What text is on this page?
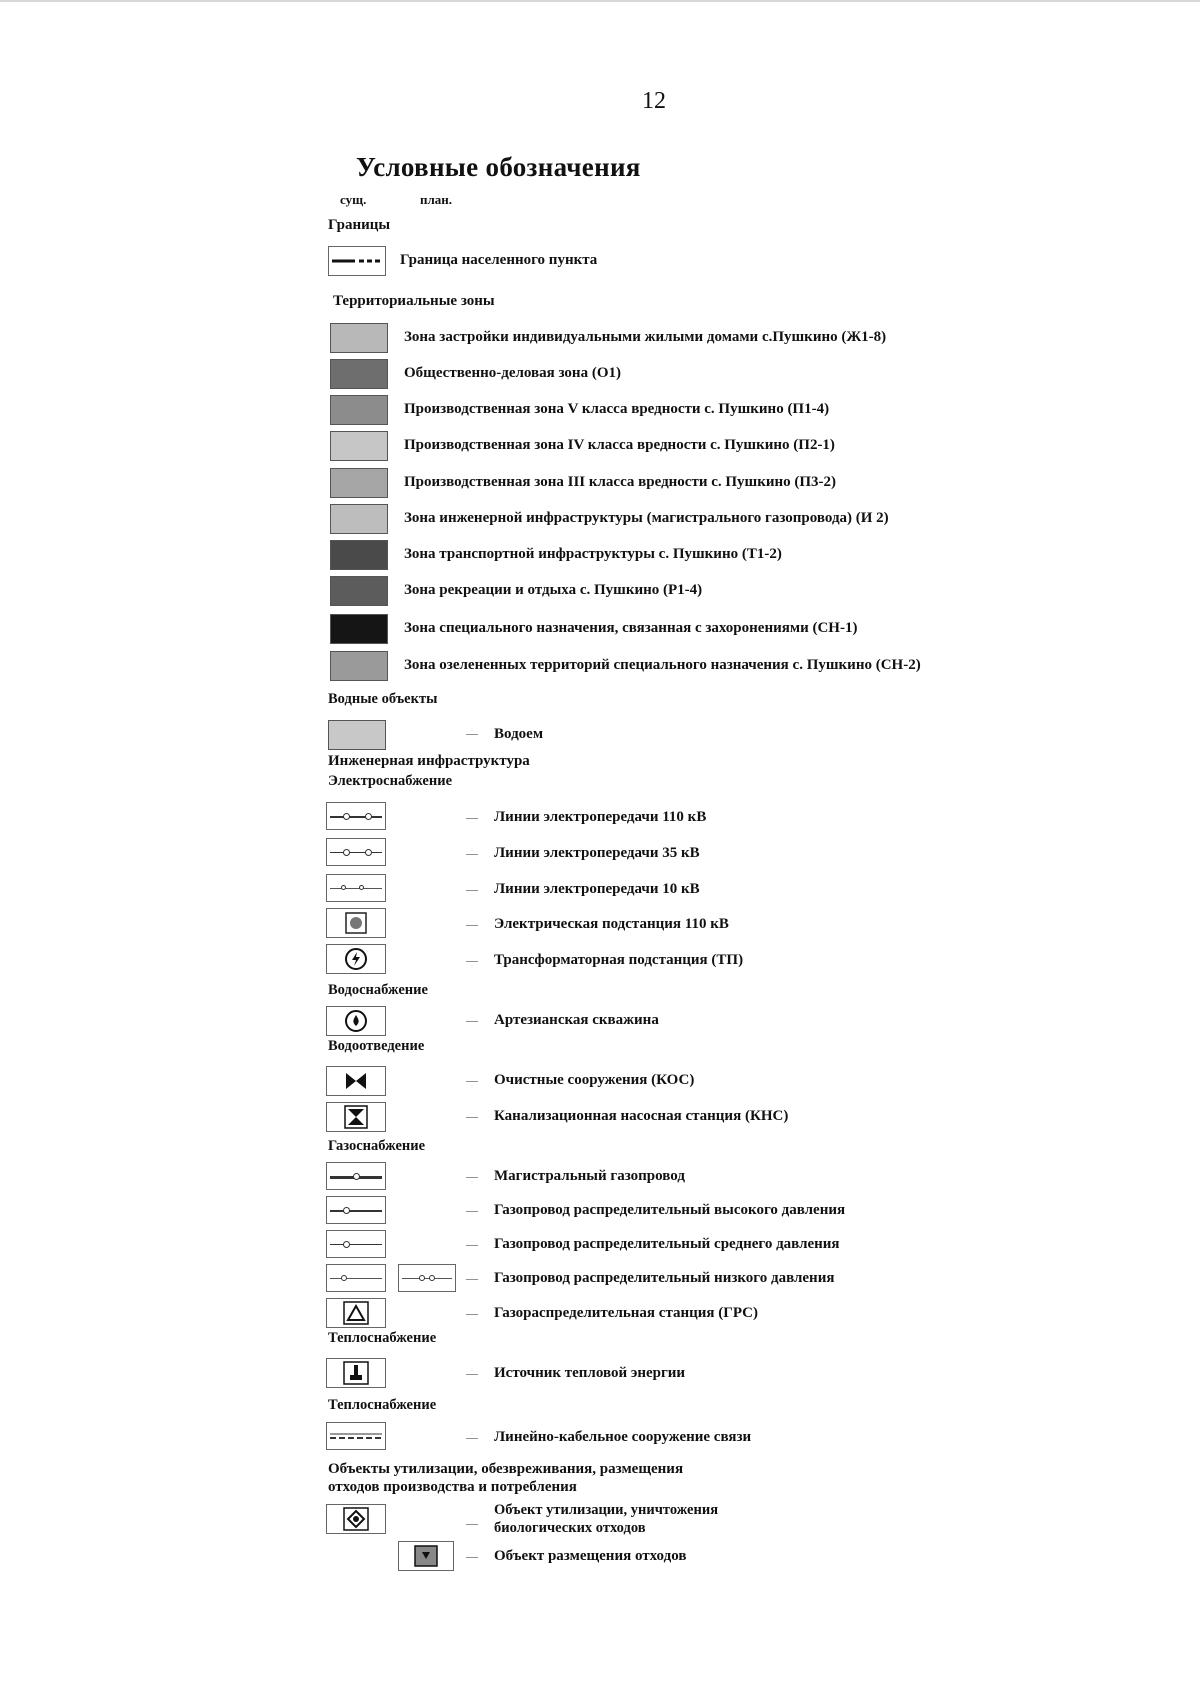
12
Условные обозначения
сущ.	план.
Границы
Граница населенного пункта
Территориальные зоны
Зона застройки индивидуальными жилыми домами с.Пушкино (Ж1-8)
Общественно-деловая зона (О1)
Производственная зона V класса вредности с. Пушкино (П1-4)
Производственная зона IV класса вредности с. Пушкино (П2-1)
Производственная зона III класса вредности с. Пушкино (П3-2)
Зона инженерной инфраструктуры (магистрального газопровода) (И 2)
Зона транспортной инфраструктуры с. Пушкино (Т1-2)
Зона рекреации и отдыха с. Пушкино (Р1-4)
Зона специального назначения, связанная с захоронениями (СН-1)
Зона озелененных территорий специального назначения с. Пушкино (СН-2)
Водные объекты
— Водоем
Инженерная инфраструктура
Электроснабжение
— Линии электропередачи 110 кВ
— Линии электропередачи 35 кВ
— Линии электропередачи 10 кВ
— Электрическая подстанция 110 кВ
— Трансформаторная подстанция (ТП)
Водоснабжение
— Артезианская скважина
Водоотведение
— Очистные сооружения (КОС)
— Канализационная насосная станция (КНС)
Газоснабжение
— Магистральный газопровод
— Газопровод распределительный высокого давления
— Газопровод распределительный среднего давления
— Газопровод распределительный низкого давления
— Газораспределительная станция (ГРС)
Теплоснабжение
— Источник тепловой энергии
Теплоснабжение
— Линейно-кабельное сооружение связи
Объекты утилизации, обезвреживания, размещения
отходов производства и потребления
—
Объект утилизации, уничтожения
биологических отходов
— Объект размещения отходов
